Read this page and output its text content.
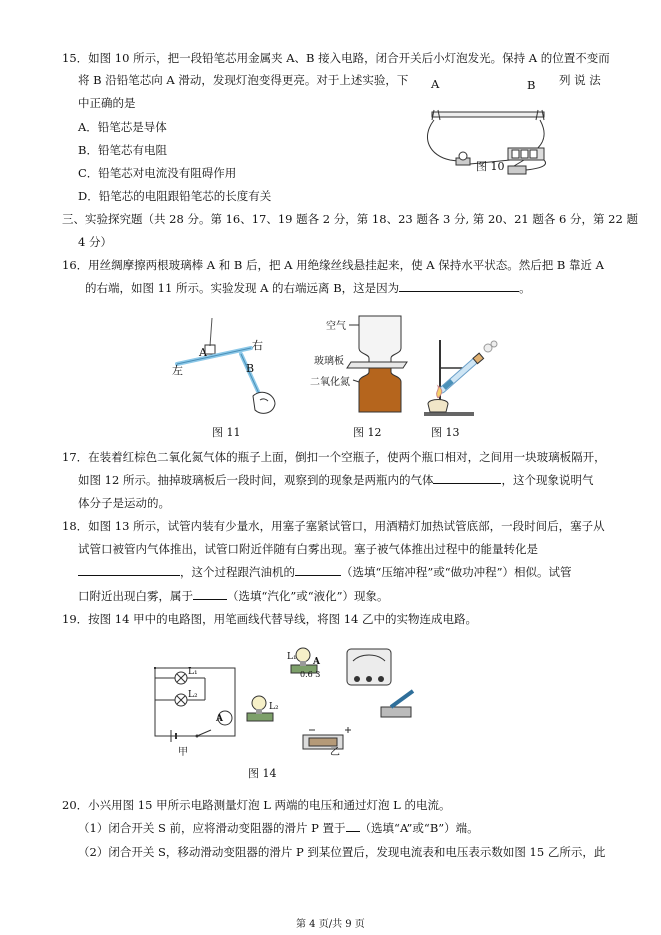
15．如图 10 所示，把一段铅笔芯用金属夹 A、B 接入电路，闭合开关后小灯泡发光。保持 A 的位置不变而
将 B 沿铅笔芯向 A 滑动，发现灯泡变得更亮。对于上述实验，下	列 说 法
A	B
中正确的是
A．铅笔芯是导体
B．铅笔芯有电阻
C．铅笔芯对电流没有阻碍作用
D．铅笔芯的电阻跟铅笔芯的长度有关
图 10
三、实验探究题（共 28 分。第 16、17、19 题各 2 分，第 18、23 题各 3 分, 第 20、21 题各 6 分，第 22 题
4 分）
16．用丝绸摩擦两根玻璃棒 A 和 B 后，把 A 用绝缘丝线悬挂起来，使 A 保持水平状态。然后把 B 靠近 A
的右端，如图 11 所示。实验发现 A 的右端远离 B，这是因为	。
A
右
左	B
图 11
空气
玻璃板
二氧化氮
图 12	图 13
17．在装着红棕色二氧化氮气体的瓶子上面，倒扣一个空瓶子，使两个瓶口相对，之间用一块玻璃板隔开，
如图 12 所示。抽掉玻璃板后一段时间，观察到的现象是两瓶内的气体	，这个现象说明气
体分子是运动的。
18．如图 13 所示，试管内装有少量水，用塞子塞紧试管口，用酒精灯加热试管底部，一段时间后，塞子从
试管口被管内气体推出，试管口附近伴随有白雾出现。塞子被气体推出过程中的能量转化是
，这个过程跟汽油机的	（选填“压缩冲程”或“做功冲程”）相似。试管
口附近出现白雾，属于	（选填“汽化”或“液化”）现象。
19．按图 14 甲中的电路图，用笔画线代替导线，将图 14 乙中的实物连成电路。
A
L₁
L₂
甲
A
0.6 3
L₁
L₂
乙
图 14
20．小兴用图 15 甲所示电路测量灯泡 L 两端的电压和通过灯泡 L 的电流。
（1）闭合开关 S 前，应将滑动变阻器的滑片 P 置于 （选填“A”或“B”）端。
（2）闭合开关 S，移动滑动变阻器的滑片 P 到某位置后，发现电流表和电压表示数如图 15 乙所示，此
第 4 页/共 9 页
